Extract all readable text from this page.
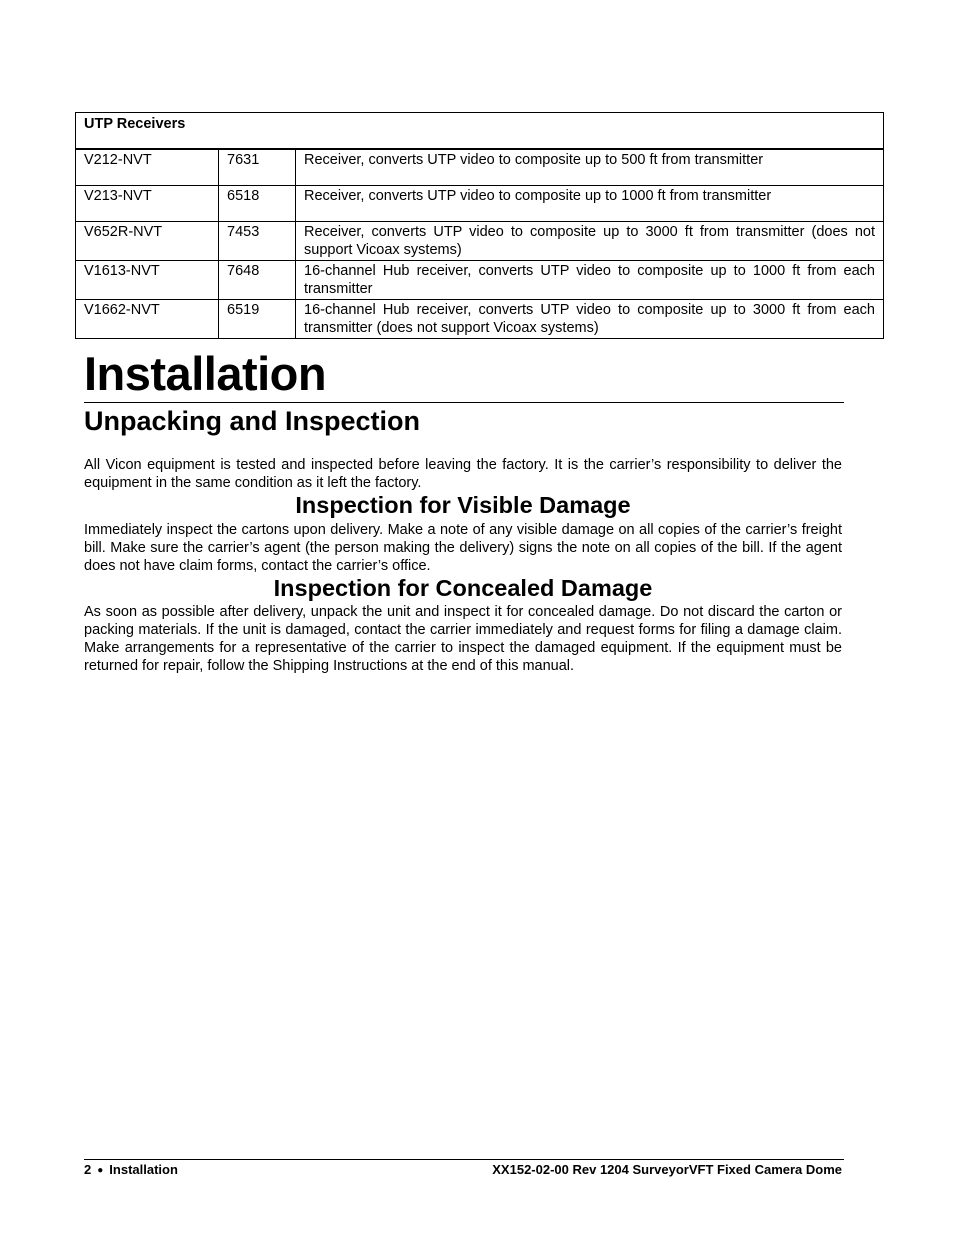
UTP Receivers		
V212-NVT	7631	Receiver, converts UTP video to composite up to 500 ft from transmitter
V213-NVT	6518	Receiver, converts UTP video to composite up to 1000 ft from transmitter
V652R-NVT	7453	Receiver, converts UTP video to composite up to 3000 ft from transmitter (does not support Vicoax systems)
V1613-NVT	7648	16-channel Hub receiver, converts UTP video to composite up to 1000 ft from each transmitter
V1662-NVT	6519	16-channel Hub receiver, converts UTP video to composite up to 3000 ft from each transmitter (does not support Vicoax systems)
Installation
Unpacking and Inspection
All Vicon equipment is tested and inspected before leaving the factory. It is the carrier’s responsibility to deliver the equipment in the same condition as it left the factory.
Inspection for Visible Damage
Immediately inspect the cartons upon delivery. Make a note of any visible damage on all copies of the carrier’s freight bill. Make sure the carrier’s agent (the person making the delivery) signs the note on all copies of the bill. If the agent does not have claim forms, contact the carrier’s office.
Inspection for Concealed Damage
As soon as possible after delivery, unpack the unit and inspect it for concealed damage. Do not discard the carton or packing materials. If the unit is damaged, contact the carrier immediately and request forms for filing a damage claim. Make arrangements for a representative of the carrier to inspect the damaged equipment. If the equipment must be returned for repair, follow the Shipping Instructions at the end of this manual.
2 ● Installation	XX152-02-00 Rev 1204 SurveyorVFT Fixed Camera Dome
